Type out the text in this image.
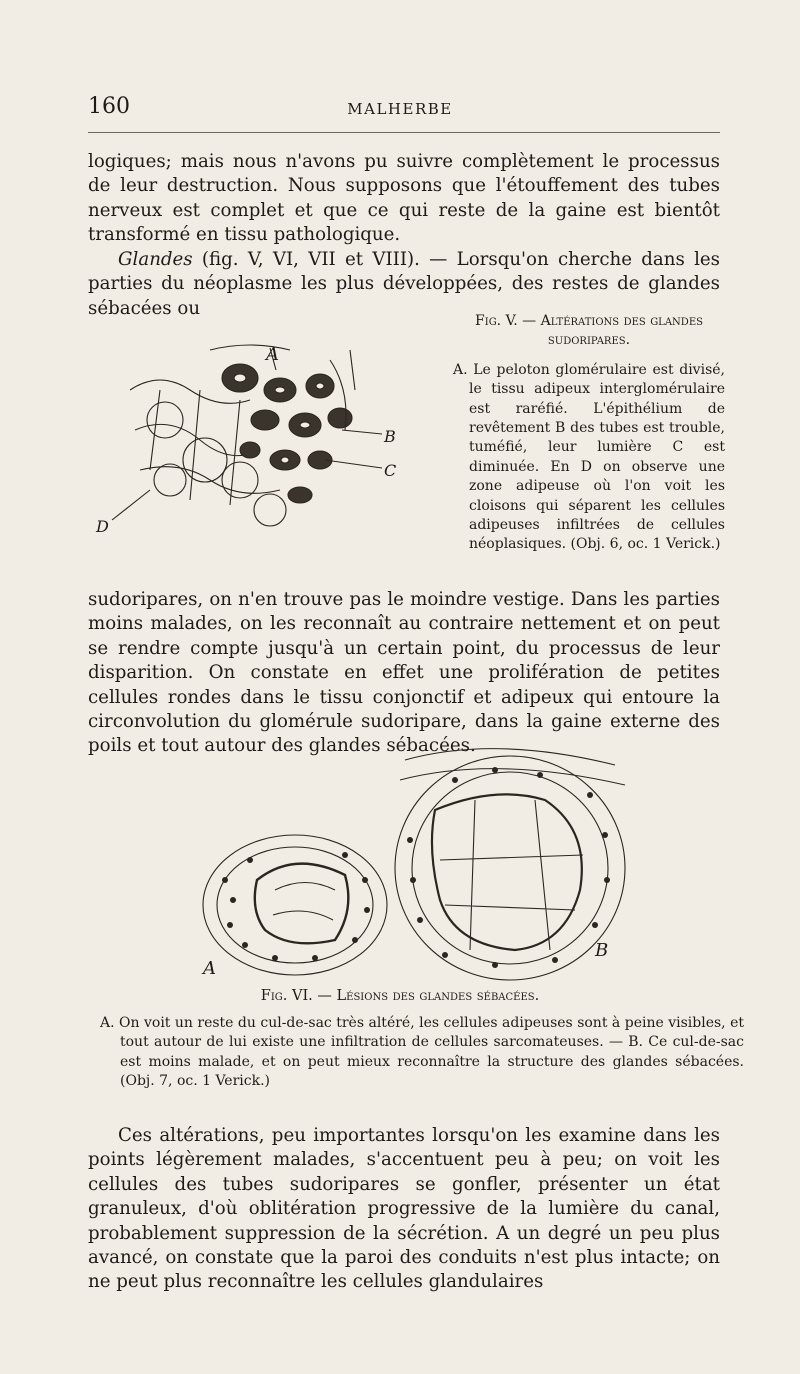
160	MALHERBE

logiques; mais nous n'avons pu suivre complètement le processus de leur destruction. Nous supposons que l'étouffement des tubes nerveux est complet et que ce qui reste de la gaine est bientôt transformé en tissu pathologique.

Glandes (fig. V, VI, VII et VIII). — Lorsqu'on cherche dans les parties du néoplasme les plus développées, des restes de glandes sébacées ou

A
B
C
D

Fig. V. — Altérations des glandes sudoripares.

A. Le peloton glomérulaire est divisé, le tissu adipeux interglomérulaire est raréfié. L'épithélium de revêtement B des tubes est trouble, tuméfié, leur lumière C est diminuée. En D on observe une zone adipeuse où l'on voit les cloisons qui séparent les cellules adipeuses infiltrées de cellules néoplasiques. (Obj. 6, oc. 1 Verick.)

sudoripares, on n'en trouve pas le moindre vestige. Dans les parties moins malades, on les reconnaît au contraire nettement et on peut se rendre compte jusqu'à un certain point, du processus de leur disparition. On constate en effet une prolifération de petites cellules rondes dans le tissu conjonctif et adipeux qui entoure la circonvolution du glomérule sudoripare, dans la gaine externe des poils et tout autour des glandes sébacées.

A
B

Fig. VI. — Lésions des glandes sébacées.

A. On voit un reste du cul-de-sac très altéré, les cellules adipeuses sont à peine visibles, et tout autour de lui existe une infiltration de cellules sarcomateuses. — B. Ce cul-de-sac est moins malade, et on peut mieux reconnaître la structure des glandes sébacées. (Obj. 7, oc. 1 Verick.)

Ces altérations, peu importantes lorsqu'on les examine dans les points légèrement malades, s'accentuent peu à peu; on voit les cellules des tubes sudoripares se gonfler, présenter un état granuleux, d'où oblitération progressive de la lumière du canal, probablement suppression de la sécrétion. A un degré un peu plus avancé, on constate que la paroi des conduits n'est plus intacte; on ne peut plus reconnaître les cellules glandulaires
